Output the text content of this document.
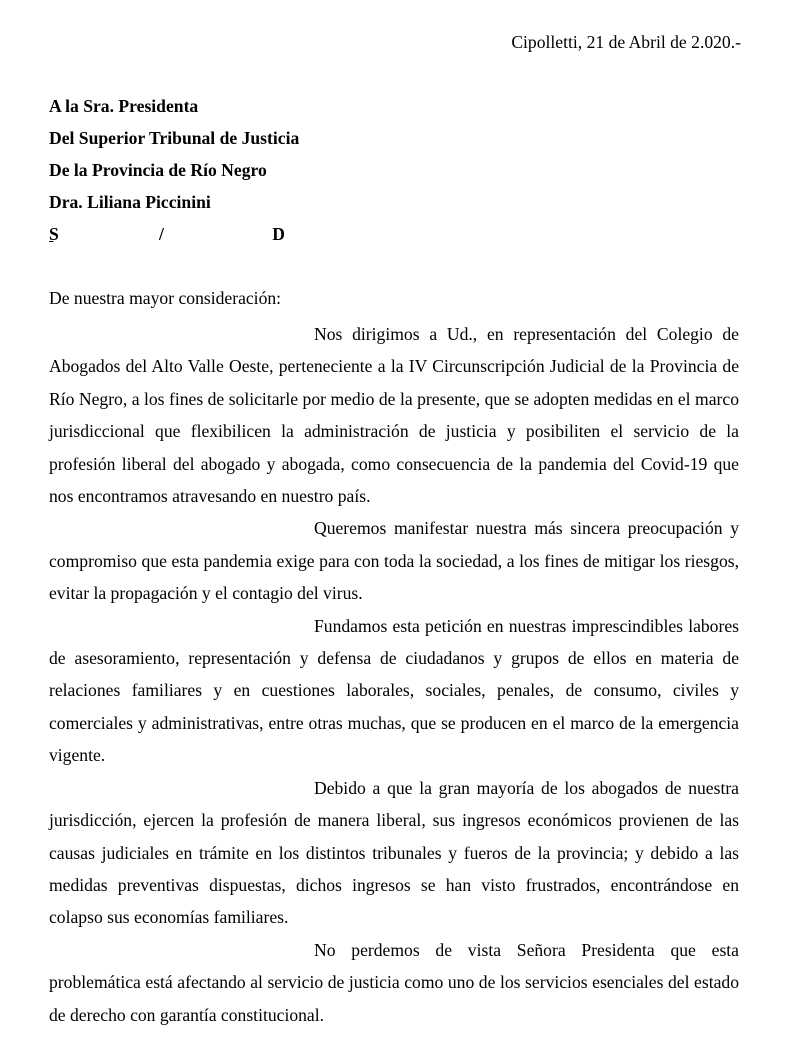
Cipolletti, 21 de Abril de 2.020.-
A la Sra. Presidenta
Del Superior Tribunal de Justicia
De la Provincia de Río Negro
Dra. Liliana Piccinini

S	/	D
De nuestra mayor consideración:

Nos dirigimos a Ud., en representación del Colegio de Abogados del Alto Valle Oeste, perteneciente a la IV Circunscripción Judicial de la Provincia de Río Negro, a los fines de solicitarle por medio de la presente, que se adopten medidas en el marco jurisdiccional que flexibilicen la administración de justicia y posibiliten el servicio de la profesión liberal del abogado y abogada, como consecuencia de la pandemia del Covid-19 que nos encontramos atravesando en nuestro país.

Queremos manifestar nuestra más sincera preocupación y compromiso que esta pandemia exige para con toda la sociedad, a los fines de mitigar los riesgos, evitar la propagación y el contagio del virus.

Fundamos esta petición en nuestras imprescindibles labores de asesoramiento, representación y defensa de ciudadanos y grupos de ellos en materia de relaciones familiares y en cuestiones laborales, sociales, penales, de consumo, civiles y comerciales y administrativas, entre otras muchas, que se producen en el marco de la emergencia vigente.

Debido a que la gran mayoría de los abogados de nuestra jurisdicción, ejercen la profesión de manera liberal, sus ingresos económicos provienen de las causas judiciales en trámite en los distintos tribunales y fueros de la provincia; y debido a las medidas preventivas dispuestas, dichos ingresos se han visto frustrados, encontrándose en colapso sus economías familiares.

No perdemos de vista Señora Presidenta que esta problemática está afectando al servicio de justicia como uno de los servicios esenciales del estado de derecho con garantía constitucional.
